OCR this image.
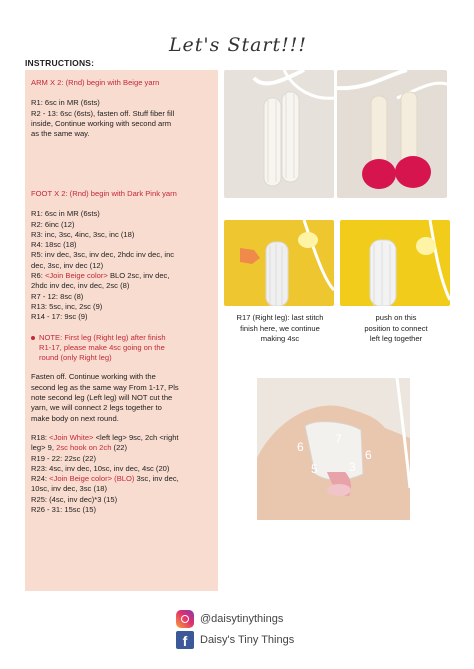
Let's Start!!!
INSTRUCTIONS:
ARM X 2: (Rnd) begin with Beige yarn
R1: 6sc in MR (6sts)
R2 - 13: 6sc (6sts), fasten off. Stuff fiber fill
inside, Continue working with second arm
as the same way.
FOOT X 2: (Rnd) begin with Dark Pink yarn
R1: 6sc in MR (6sts)
R2: 6inc (12)
R3: inc, 3sc, 4inc, 3sc, inc (18)
R4: 18sc (18)
R5: inv dec, 3sc, inv dec, 2hdc inv dec, inc
dec, 3sc, inv dec (12)
R6: <Join Beige color> BLO 2sc, inv dec,
2hdc inv dec, inv dec, 2sc (8)
R7 - 12: 8sc (8)
R13: 5sc, inc, 2sc (9)
R14 - 17: 9sc (9)
NOTE: First leg (Right leg) after finish
R1-17, please make 4sc going on the
round (only Right leg)
Fasten off. Continue working with the
second leg as the same way From 1-17, Pls
note second leg (Left leg) will NOT cut the
yarn, we will connect 2 legs together to
make body on next round.
R18: <Join White> <left leg> 9sc, 2ch <right
leg> 9, 2sc hook on 2ch (22)
R19 - 22: 22sc (22)
R23: 4sc, inv dec, 10sc, inv dec, 4sc (20)
R24: <Join Beige color> (BLO) 3sc, inv dec,
10sc, inv dec, 3sc (18)
R25: (4sc, inv dec)*3 (15)
R26 - 31: 15sc (15)
R17 (Right leg): last stitch
finish here, we continue
making 4sc
push on this
position to connect
left leg together
6
7
5	3
6
@daisytinythings
f	Daisy's Tiny Things
